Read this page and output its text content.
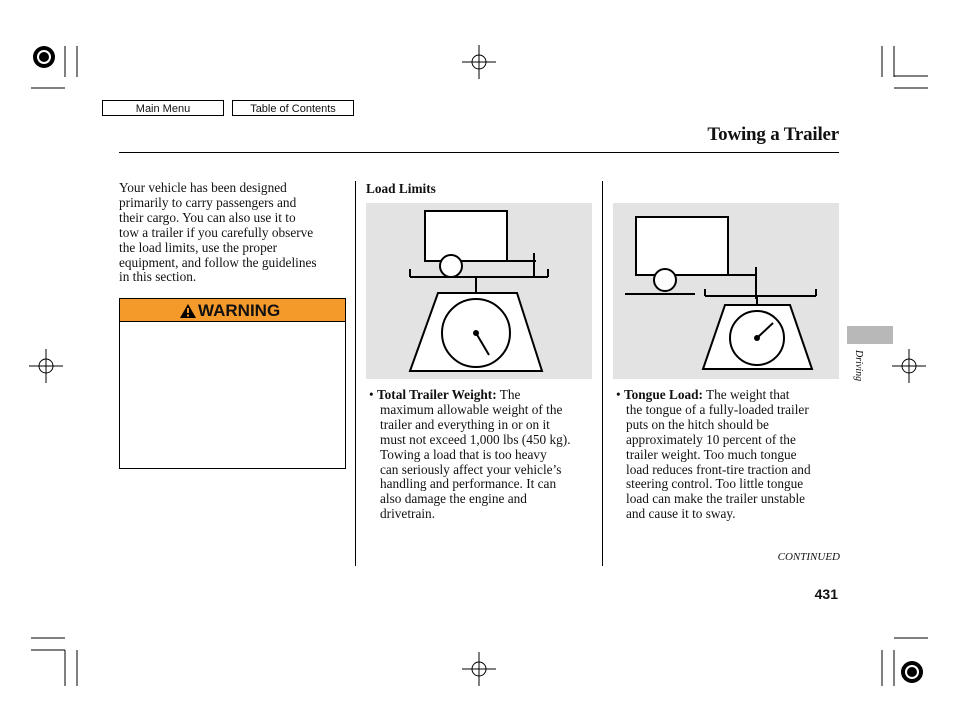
Main Menu	Table of Contents
Towing a Trailer
Your vehicle has been designed
primarily to carry passengers and
their cargo. You can also use it to
tow a trailer if you carefully observe
the load limits, use the proper
equipment, and follow the guidelines
in this section.
WARNING
Load Limits
• Total Trailer Weight: The
maximum allowable weight of the
trailer and everything in or on it
must not exceed 1,000 lbs (450 kg).
Towing a load that is too heavy
can seriously affect your vehicle’s
handling and performance. It can
also damage the engine and
drivetrain.
• Tongue Load: The weight that
the tongue of a fully-loaded trailer
puts on the hitch should be
approximately 10 percent of the
trailer weight. Too much tongue
load reduces front-tire traction and
steering control. Too little tongue
load can make the trailer unstable
and cause it to sway.
Driving
CONTINUED
431
